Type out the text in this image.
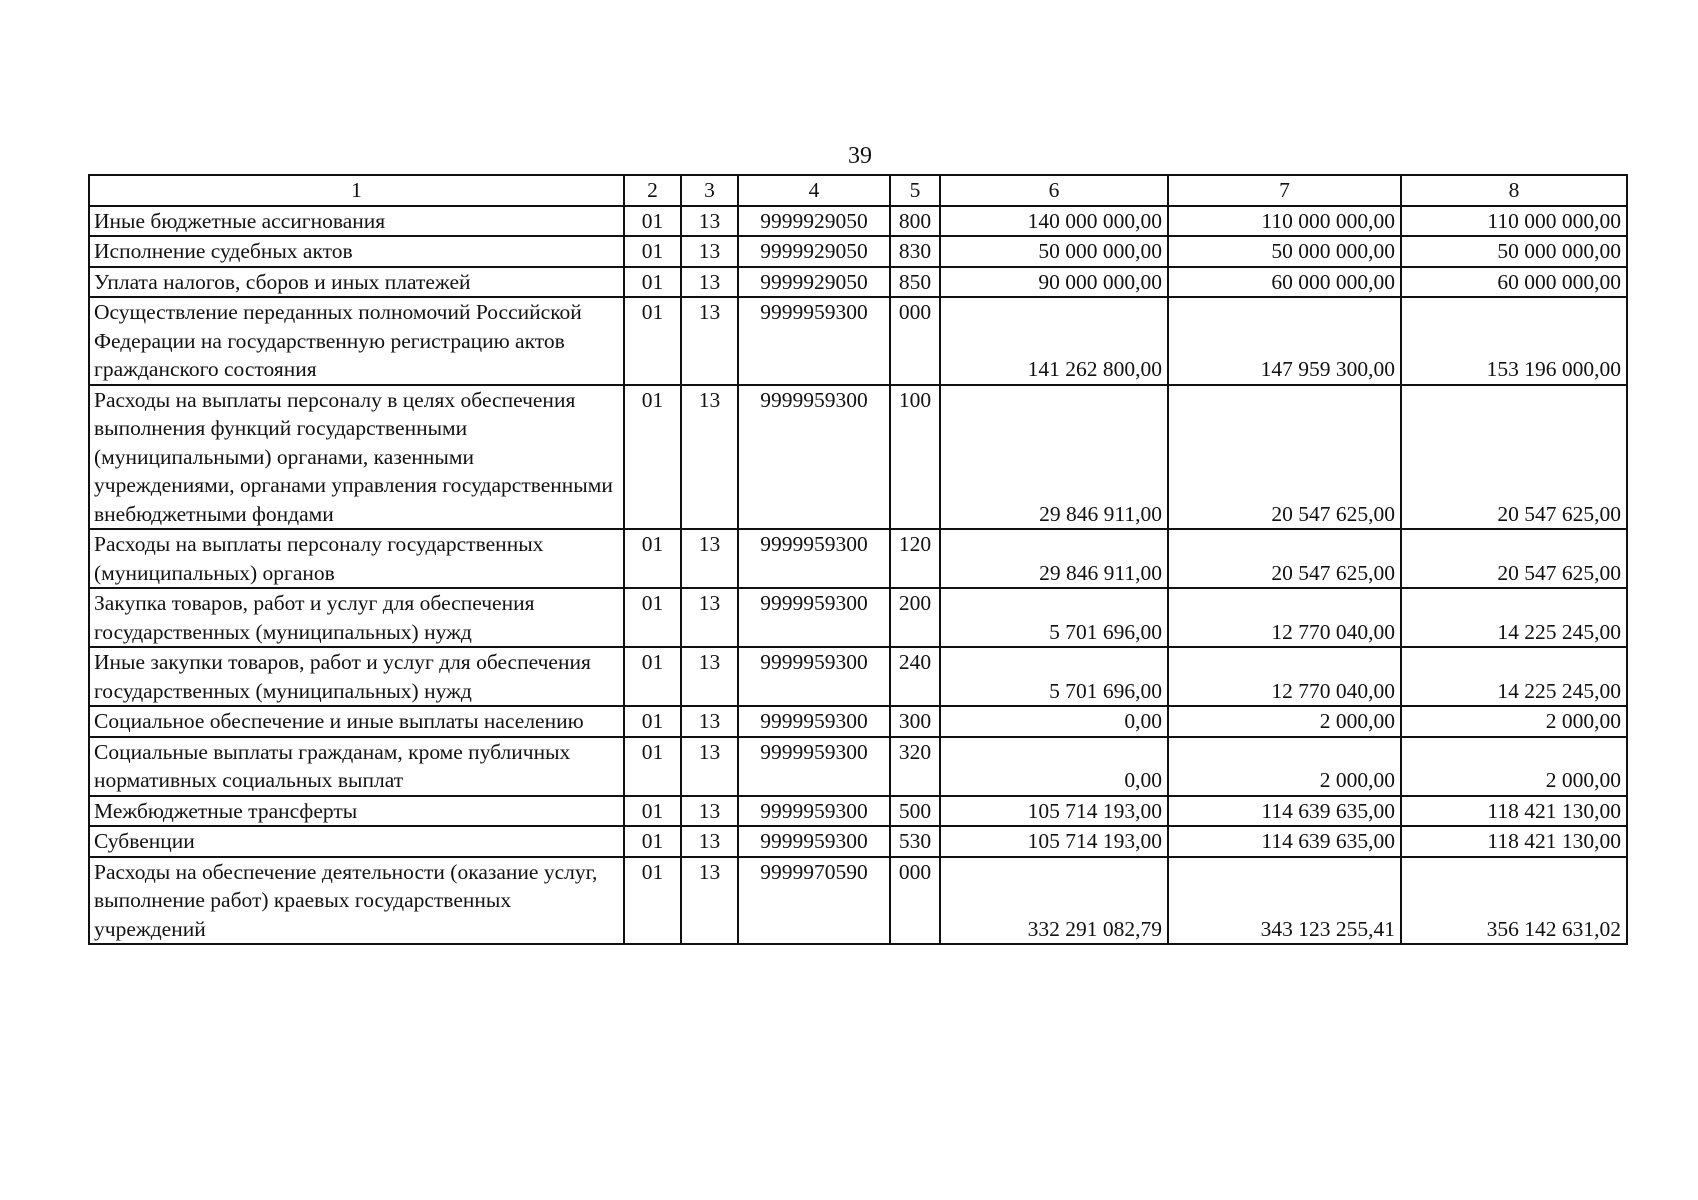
39
1	2	3	4	5	6	7	8
Иные бюджетные ассигнования	01	13	9999929050	800	140 000 000,00	110 000 000,00	110 000 000,00
Исполнение судебных актов	01	13	9999929050	830	50 000 000,00	50 000 000,00	50 000 000,00
Уплата налогов, сборов и иных платежей	01	13	9999929050	850	90 000 000,00	60 000 000,00	60 000 000,00
Осуществление переданных полномочий Российской Федерации на государственную регистрацию актов гражданского состояния	01	13	9999959300	000	141 262 800,00	147 959 300,00	153 196 000,00
Расходы на выплаты персоналу в целях обеспечения выполнения функций государственными (муниципальными) органами, казенными учреждениями, органами управления государственными внебюджетными фондами	01	13	9999959300	100	29 846 911,00	20 547 625,00	20 547 625,00
Расходы на выплаты персоналу государственных (муниципальных) органов	01	13	9999959300	120	29 846 911,00	20 547 625,00	20 547 625,00
Закупка товаров, работ и услуг для обеспечения государственных (муниципальных) нужд	01	13	9999959300	200	5 701 696,00	12 770 040,00	14 225 245,00
Иные закупки товаров, работ и услуг для обеспечения государственных (муниципальных) нужд	01	13	9999959300	240	5 701 696,00	12 770 040,00	14 225 245,00
Социальное обеспечение и иные выплаты населению	01	13	9999959300	300	0,00	2 000,00	2 000,00
Социальные выплаты гражданам, кроме публичных нормативных социальных выплат	01	13	9999959300	320	0,00	2 000,00	2 000,00
Межбюджетные трансферты	01	13	9999959300	500	105 714 193,00	114 639 635,00	118 421 130,00
Субвенции	01	13	9999959300	530	105 714 193,00	114 639 635,00	118 421 130,00
Расходы на обеспечение деятельности (оказание услуг, выполнение работ) краевых государственных учреждений	01	13	9999970590	000	332 291 082,79	343 123 255,41	356 142 631,02
